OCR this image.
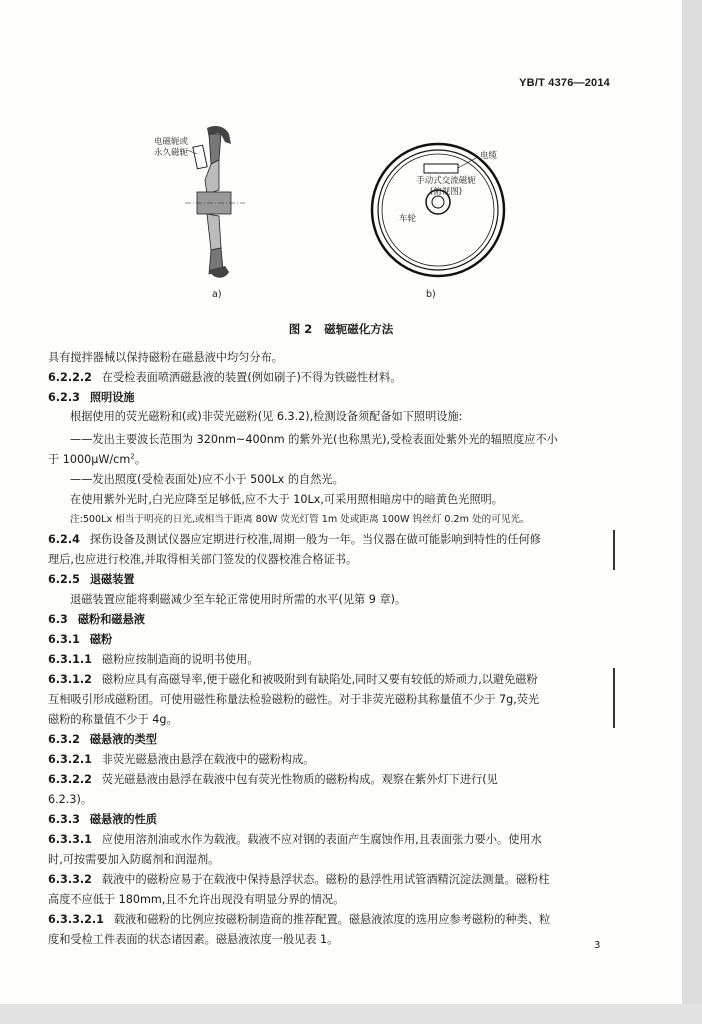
YB/T 4376—2014
电磁轭或
永久磁轭	电缆
手动式交流磁轭
(俯视图)
车轮
a)	b)
图 2 磁轭磁化方法
具有搅拌器械以保持磁粉在磁悬液中均匀分布。
6.2.2.2 在受检表面喷洒磁悬液的装置(例如刷子)不得为铁磁性材料。
6.2.3 照明设施
根据使用的荧光磁粉和(或)非荧光磁粉(见 6.3.2),检测设备须配备如下照明设施:
——发出主要波长范围为 320nm~400nm 的紫外光(也称黑光),受检表面处紫外光的辐照度应不小
于 $1000\mu W/cm^2$。
——发出照度(受检表面处)应不小于 500Lx 的自然光。
在使用紫外光时,白光应降至足够低,应不大于 10Lx,可采用照相暗房中的暗黄色光照明。
注:500Lx 相当于明亮的日光,或相当于距离 80W 荧光灯管 1m 处或距离 100W 钨丝灯 0.2m 处的可见光。
6.2.4 探伤设备及测试仪器应定期进行校准,周期一般为一年。当仪器在做可能影响到特性的任何修
理后,也应进行校准,并取得相关部门签发的仪器校准合格证书。
6.2.5 退磁装置
退磁装置应能将剩磁减少至车轮正常使用时所需的水平(见第 9 章)。
6.3 磁粉和磁悬液
6.3.1 磁粉
6.3.1.1 磁粉应按制造商的说明书使用。
6.3.1.2 磁粉应具有高磁导率,便于磁化和被吸附到有缺陷处,同时又要有较低的矫顽力,以避免磁粉
互相吸引形成磁粉团。可使用磁性称量法检验磁粉的磁性。对于非荧光磁粉其称量值不少于 7g,荧光
磁粉的称量值不少于 4g。
6.3.2 磁悬液的类型
6.3.2.1 非荧光磁悬液由悬浮在载液中的磁粉构成。
6.3.2.2 荧光磁悬液由悬浮在载液中包有荧光性物质的磁粉构成。观察在紫外灯下进行(见
6.2.3)。
6.3.3 磁悬液的性质
6.3.3.1 应使用溶剂油或水作为载液。载液不应对钢的表面产生腐蚀作用,且表面张力要小。使用水
时,可按需要加入防腐剂和润湿剂。
6.3.3.2 载液中的磁粉应易于在载液中保持悬浮状态。磁粉的悬浮性用试管酒精沉淀法测量。磁粉柱
高度不应低于 180mm,且不允许出现没有明显分界的情况。
6.3.3.2.1 载液和磁粉的比例应按磁粉制造商的推荐配置。磁悬液浓度的选用应参考磁粉的种类、粒
度和受检工件表面的状态诸因素。磁悬液浓度一般见表 1。	3
